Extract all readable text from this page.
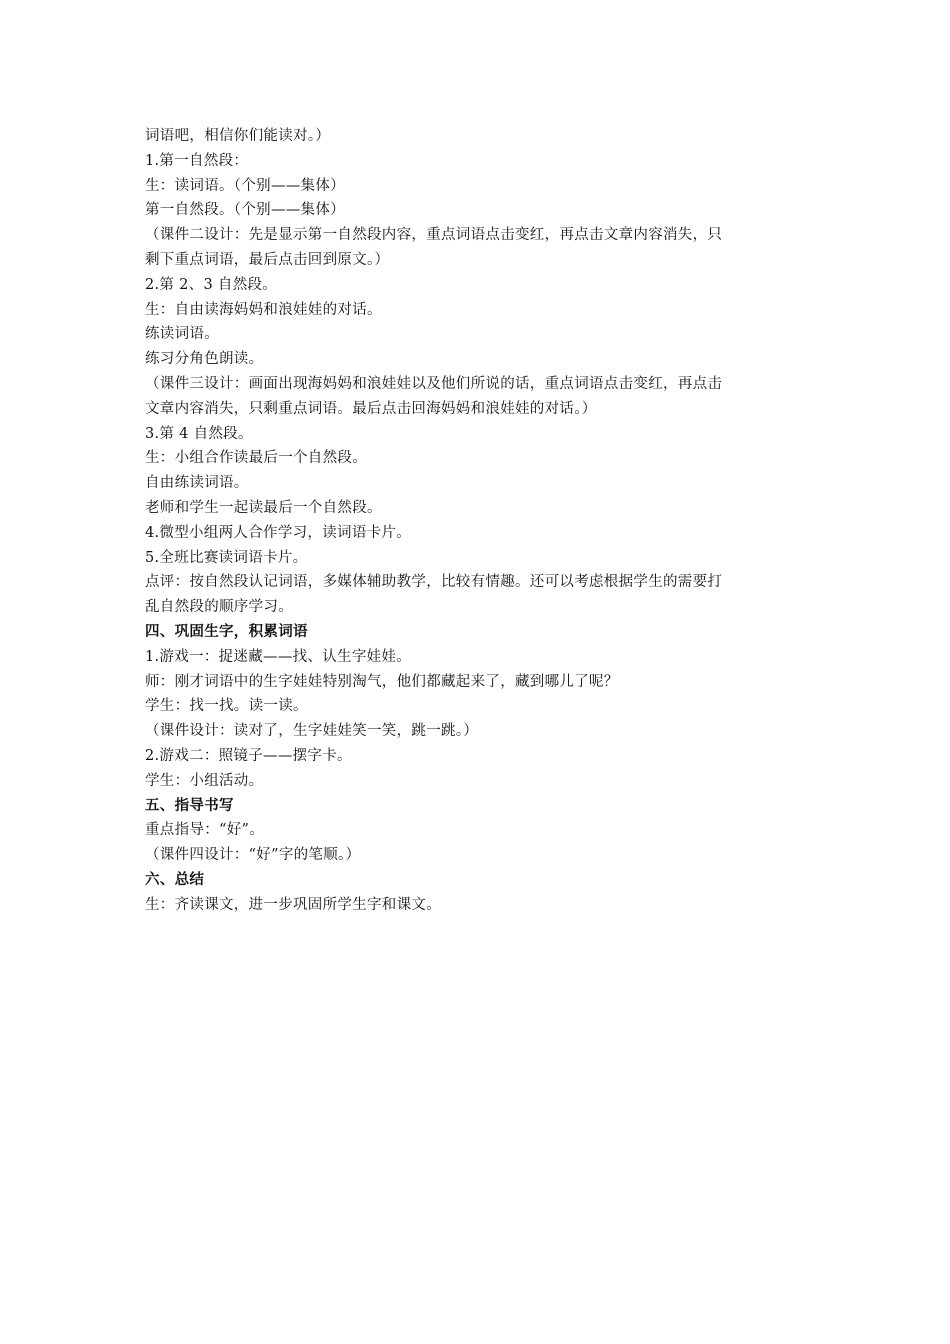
词语吧，相信你们能读对。）
1.第一自然段：
生：读词语。（个别——集体）
第一自然段。（个别——集体）
（课件二设计：先是显示第一自然段内容，重点词语点击变红，再点击文章内容消失，只
剩下重点词语，最后点击回到原文。）
2.第 2、3 自然段。
生：自由读海妈妈和浪娃娃的对话。
练读词语。
练习分角色朗读。
（课件三设计：画面出现海妈妈和浪娃娃以及他们所说的话，重点词语点击变红，再点击
文章内容消失，只剩重点词语。最后点击回海妈妈和浪娃娃的对话。）
3.第 4 自然段。
生：小组合作读最后一个自然段。
自由练读词语。
老师和学生一起读最后一个自然段。
4.微型小组两人合作学习，读词语卡片。
5.全班比赛读词语卡片。
点评：按自然段认记词语，多媒体辅助教学，比较有情趣。还可以考虑根据学生的需要打
乱自然段的顺序学习。
四、巩固生字，积累词语
1.游戏一：捉迷藏——找、认生字娃娃。
师：刚才词语中的生字娃娃特别淘气，他们都藏起来了，藏到哪儿了呢？
学生：找一找。读一读。
（课件设计：读对了，生字娃娃笑一笑，跳一跳。）
2.游戏二：照镜子——摆字卡。
学生：小组活动。
五、指导书写
重点指导：“好”。
（课件四设计：“好”字的笔顺。）
六、总结
生：齐读课文，进一步巩固所学生字和课文。
